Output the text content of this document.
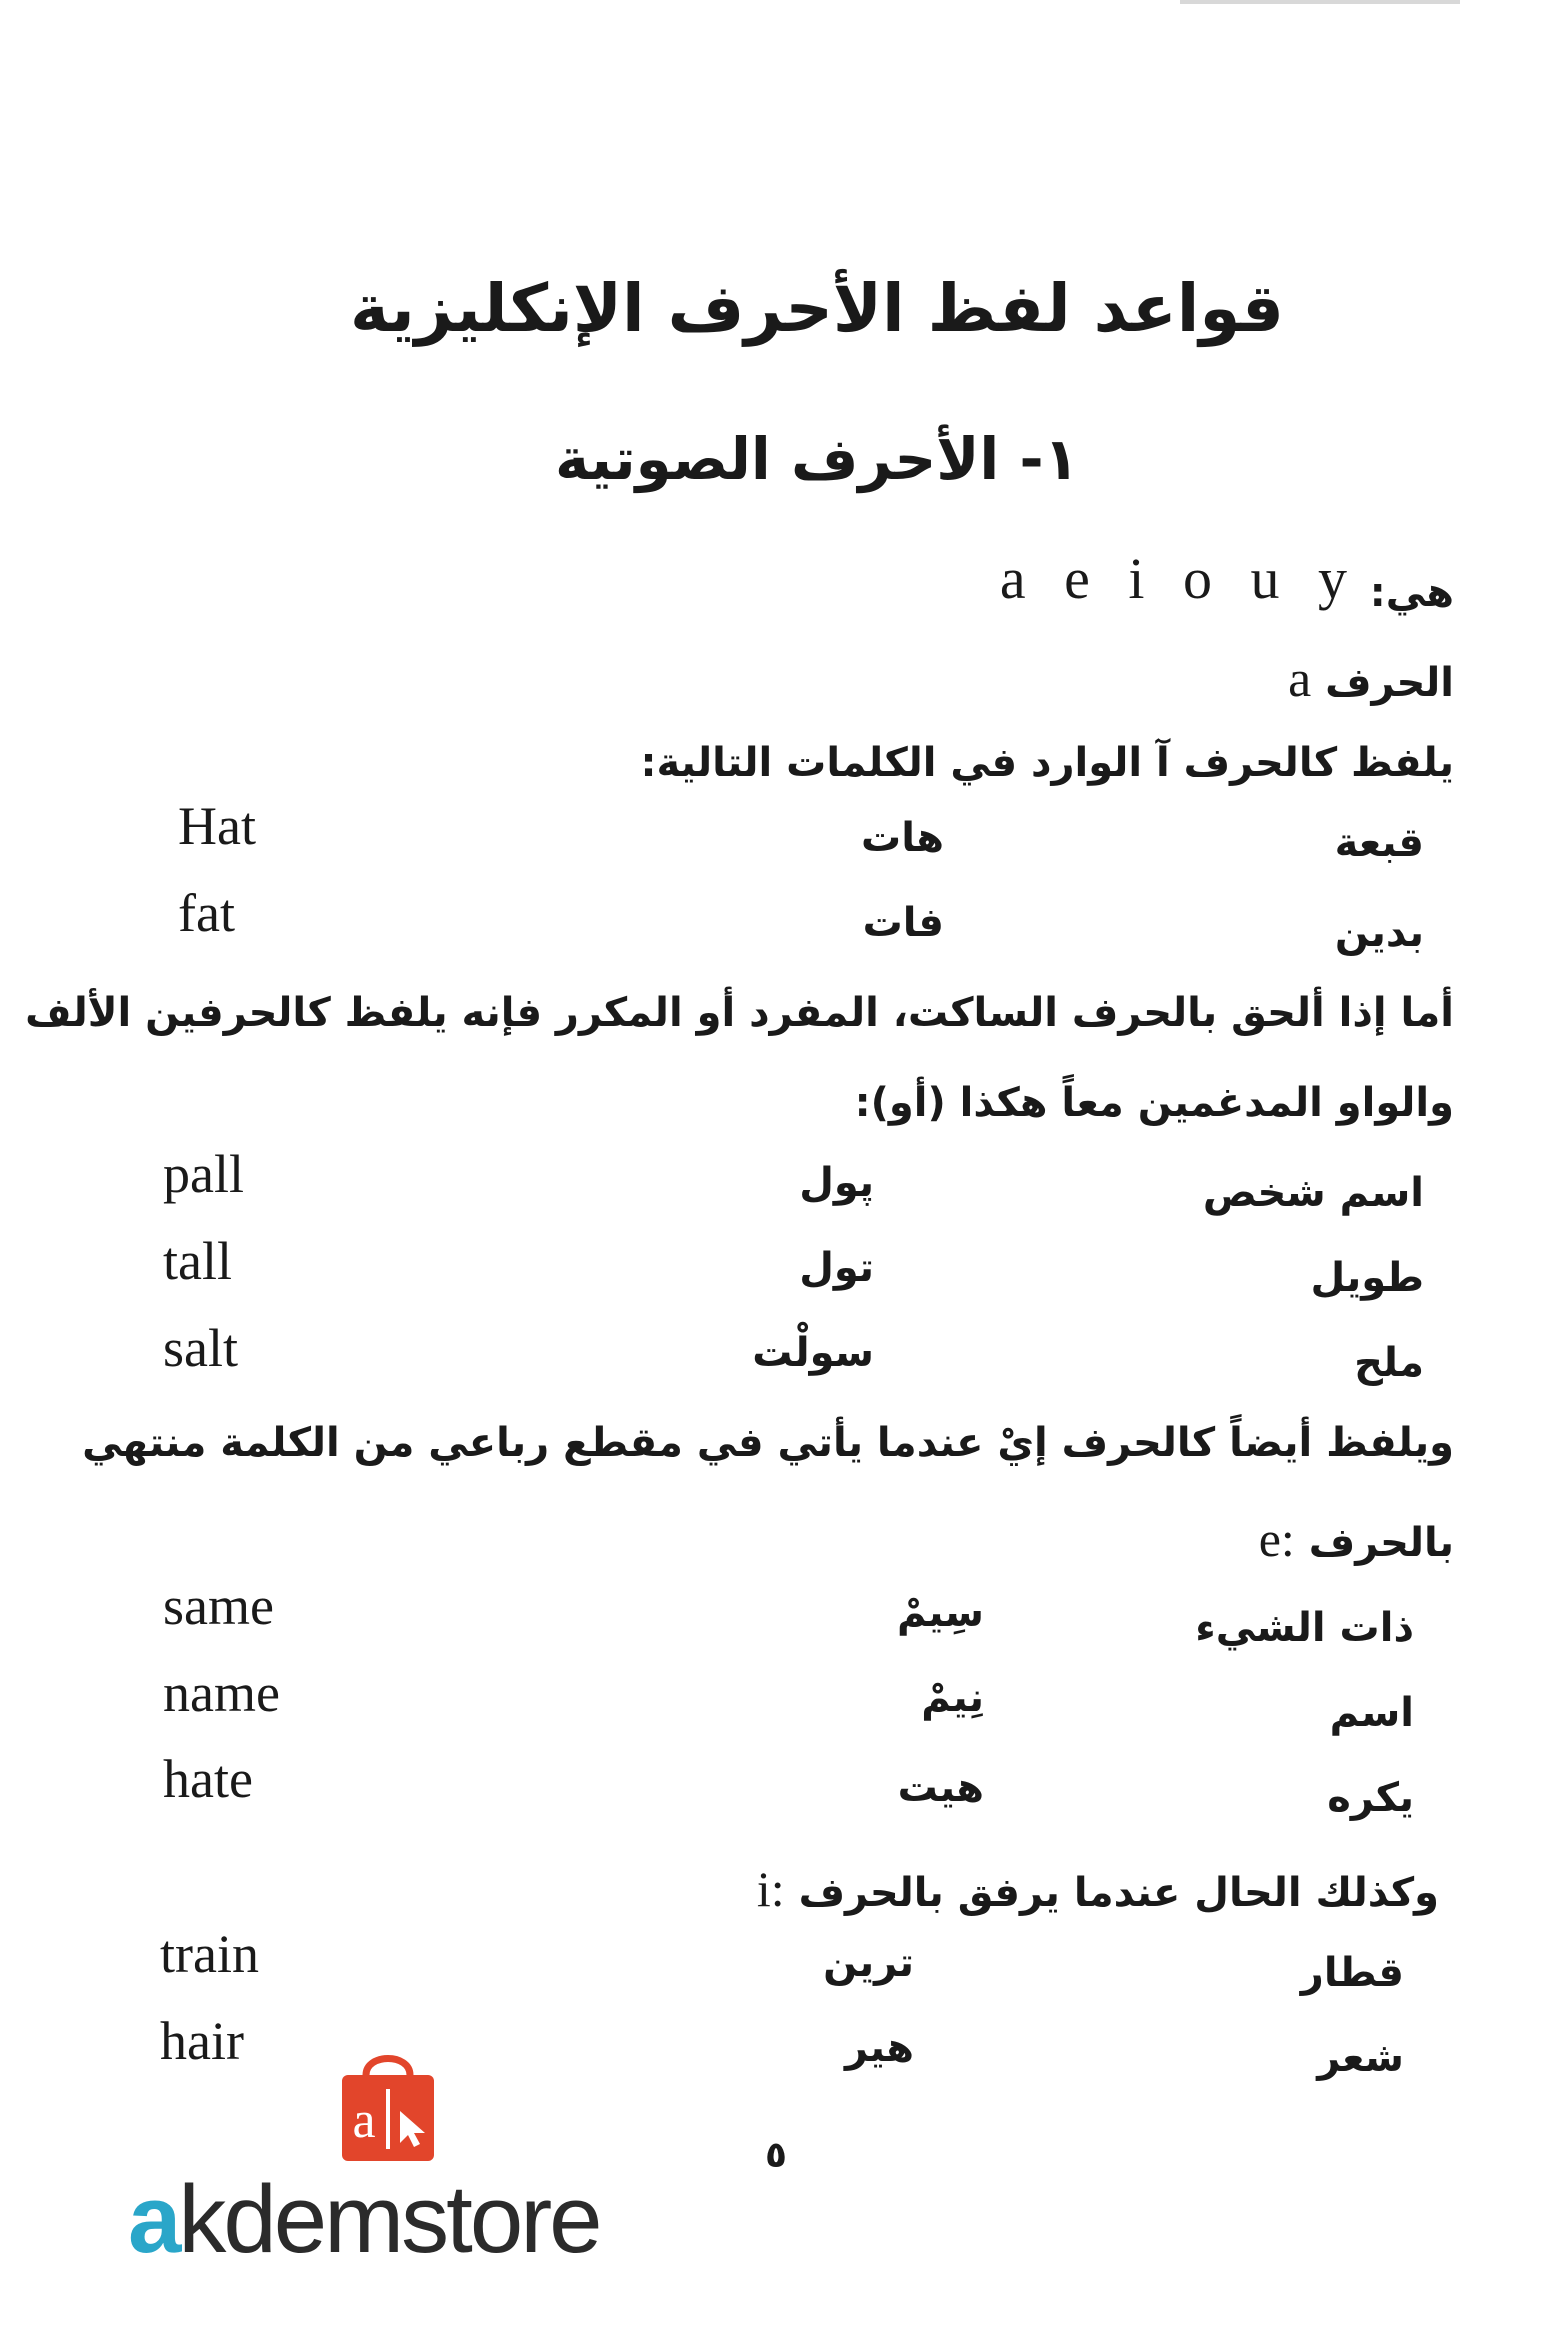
قواعد لفظ الأحرف الإنكليزية
١- الأحرف الصوتية
هي:
a e i o u y
الحرف a
يلفظ كالحرف آ الوارد في الكلمات التالية:
قبعة
هات
Hat
بدين
فات
fat
أما إذا ألحق بالحرف الساكت، المفرد أو المكرر فإنه يلفظ كالحرفين الألف
والواو المدغمين معاً هكذا (أو):
اسم شخص
پول
pall
طويل
تول
tall
ملح
سولْت
salt
ويلفظ أيضاً كالحرف إيْ عندما يأتي في مقطع رباعي من الكلمة منتهي
بالحرف e:
ذات الشيء
سِيمْ
same
اسم
نِيمْ
name
يكره
هيت
hate
وكذلك الحال عندما يرفق بالحرف i:
قطار
ترين
train
شعر
هير
hair
٥
a
akdemstore
